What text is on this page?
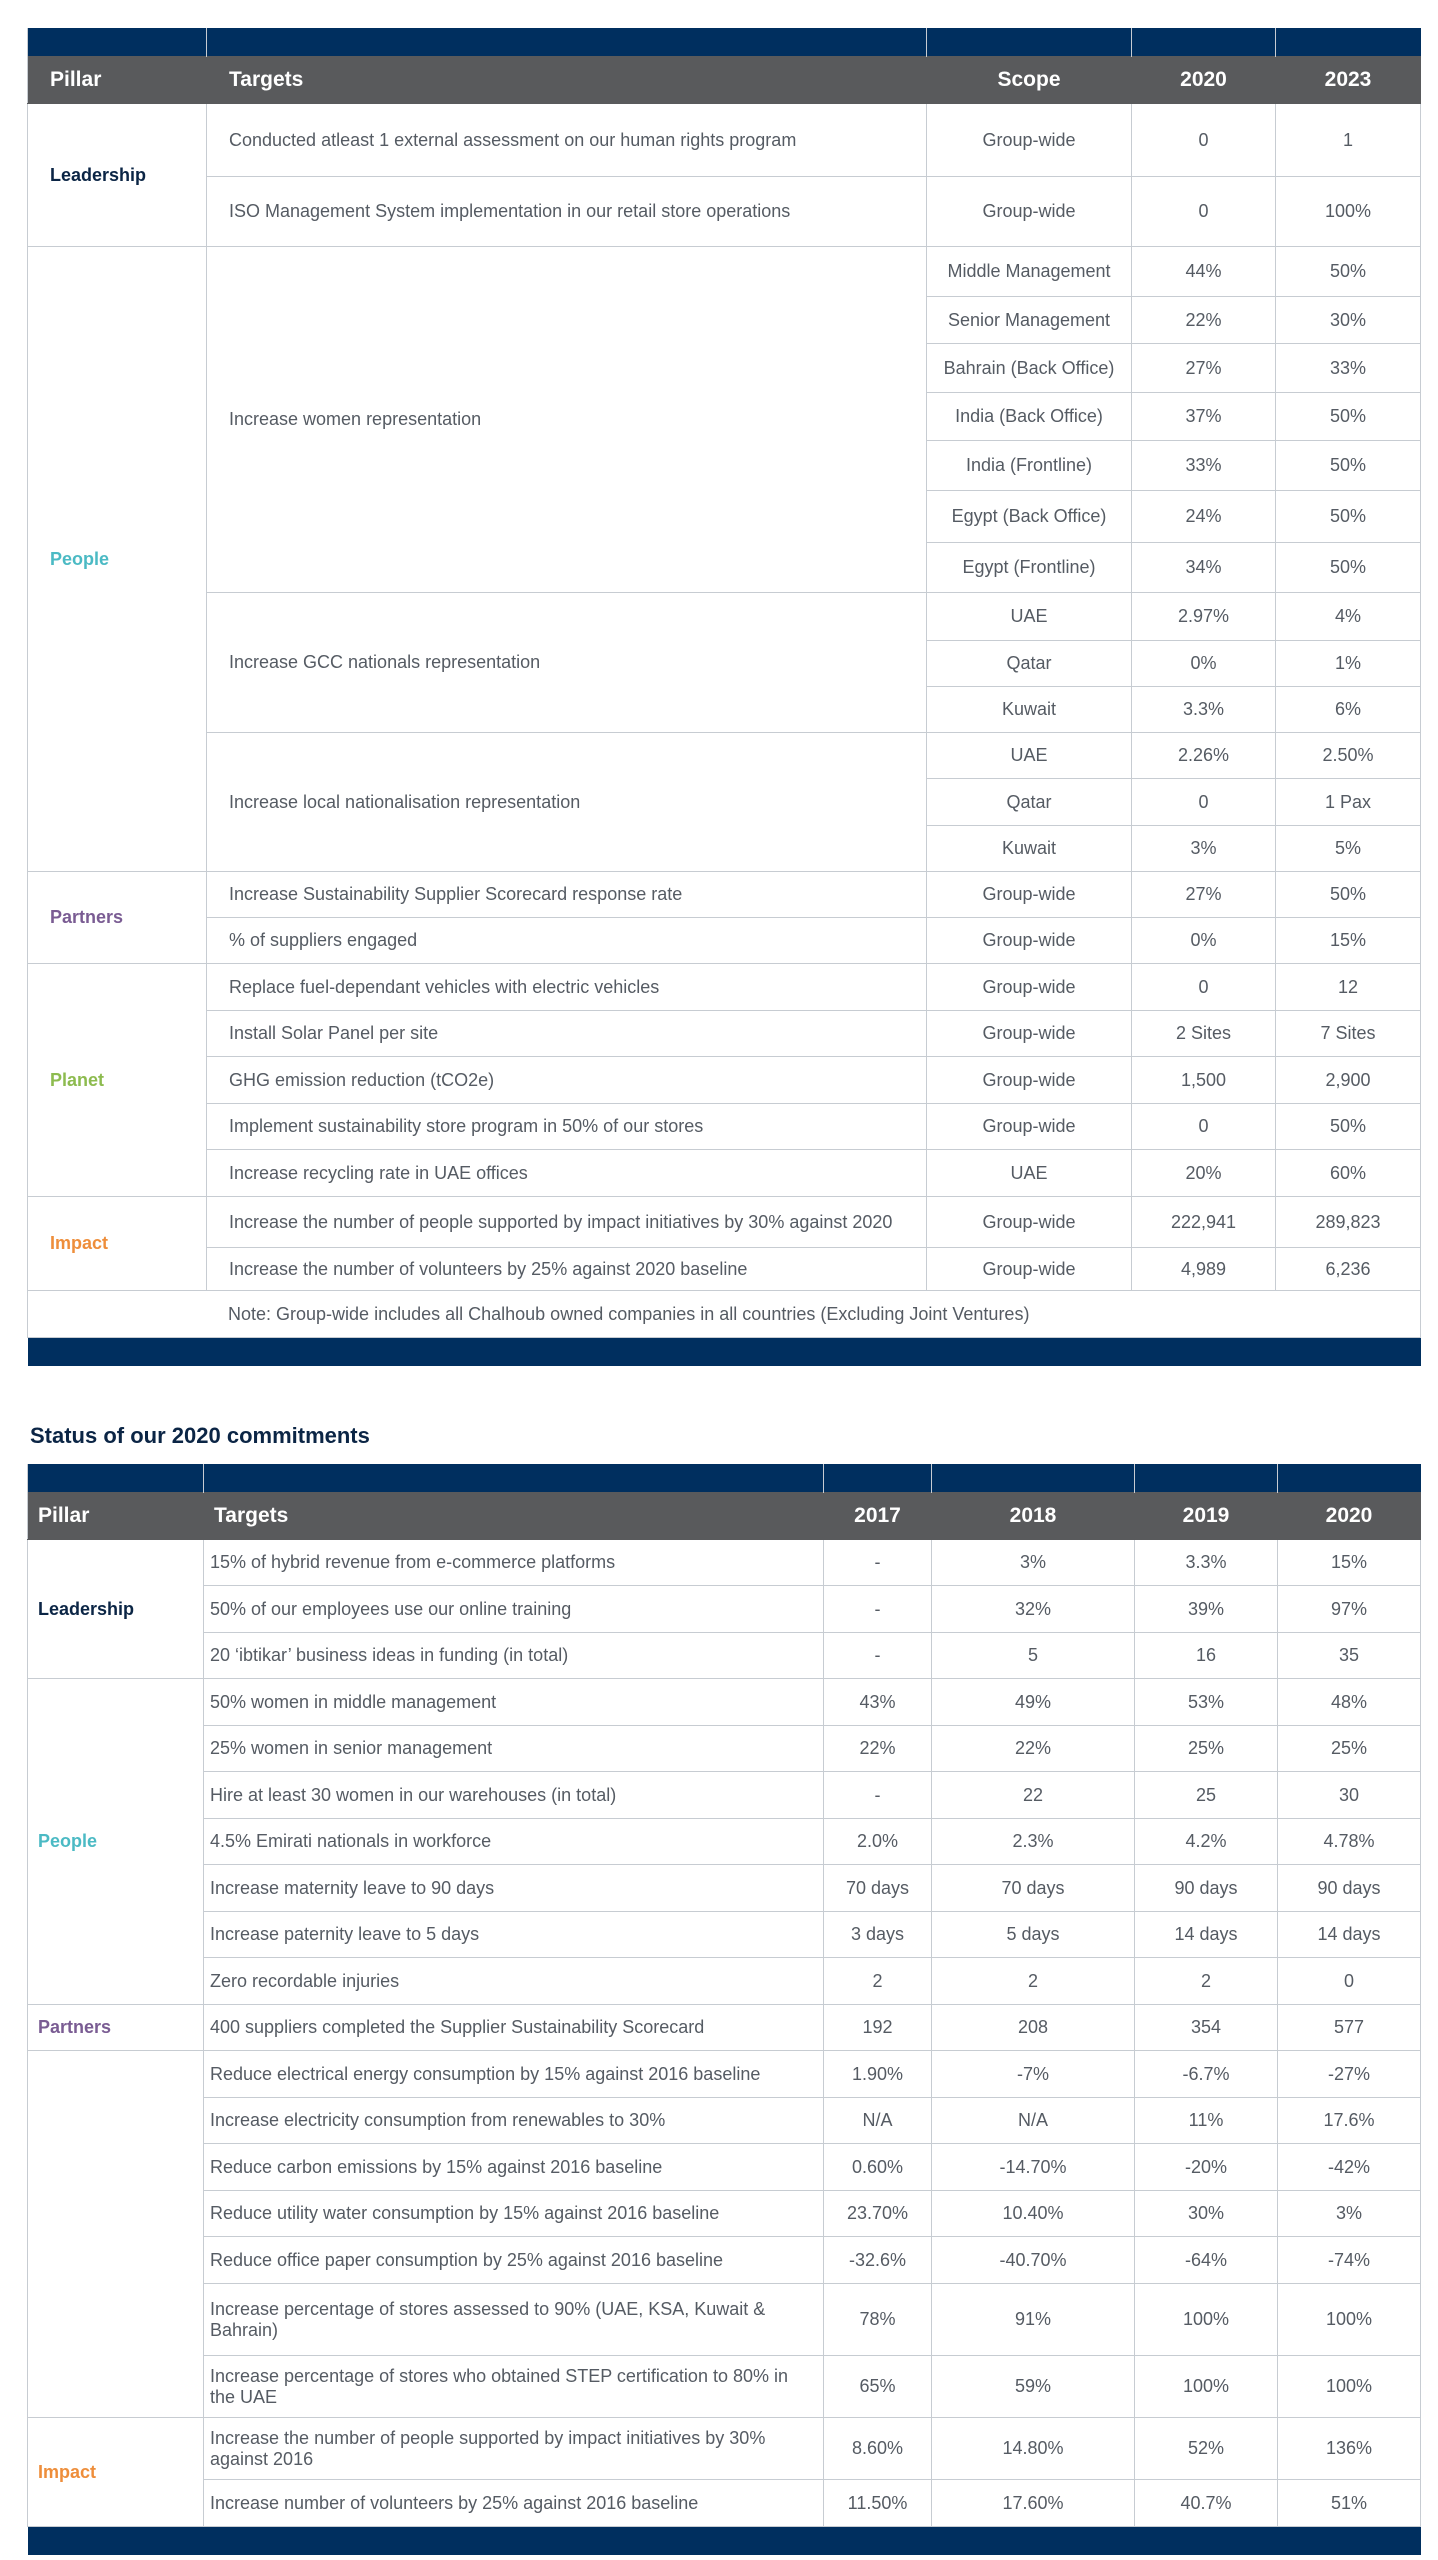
Pillar	Targets	Scope	2020	2023
Leadership	Conducted atleast 1 external assessment on our human rights program	Group-wide	0	1
	ISO Management System implementation in our retail store operations	Group-wide	0	100%
People	Increase women representation	Middle Management	44%	50%
		Senior Management	22%	30%
		Bahrain (Back Office)	27%	33%
		India (Back Office)	37%	50%
		India (Frontline)	33%	50%
		Egypt (Back Office)	24%	50%
		Egypt (Frontline)	34%	50%
	Increase GCC nationals representation	UAE	2.97%	4%
		Qatar	0%	1%
		Kuwait	3.3%	6%
	Increase local nationalisation representation	UAE	2.26%	2.50%
		Qatar	0	1 Pax
		Kuwait	3%	5%
Partners	Increase Sustainability Supplier Scorecard response rate	Group-wide	27%	50%
	% of suppliers engaged	Group-wide	0%	15%
Planet	Replace fuel-dependant vehicles with electric vehicles	Group-wide	0	12
	Install Solar Panel per site	Group-wide	2 Sites	7 Sites
	GHG emission reduction (tCO2e)	Group-wide	1,500	2,900
	Implement sustainability store program in 50% of our stores	Group-wide	0	50%
	Increase recycling rate in UAE offices	UAE	20%	60%
Impact	Increase the number of people supported by impact initiatives by 30% against 2020	Group-wide	222,941	289,823
	Increase the number of volunteers by 25% against 2020 baseline	Group-wide	4,989	6,236
Note: Group-wide includes all Chalhoub owned companies in all countries (Excluding Joint Ventures)				

Status of our 2020 commitments

Pillar	Targets	2017	2018	2019	2020
Leadership	15% of hybrid revenue from e-commerce platforms	-	3%	3.3%	15%
	50% of our employees use our online training	-	32%	39%	97%
	20 ‘ibtikar’ business ideas in funding (in total)	-	5	16	35
People	50% women in middle management	43%	49%	53%	48%
	25% women in senior management	22%	22%	25%	25%
	Hire at least 30 women in our warehouses (in total)	-	22	25	30
	4.5% Emirati nationals in workforce	2.0%	2.3%	4.2%	4.78%
	Increase maternity leave to 90 days	70 days	70 days	90 days	90 days
	Increase paternity leave to 5 days	3 days	5 days	14 days	14 days
	Zero recordable injuries	2	2	2	0
Partners	400 suppliers completed the Supplier Sustainability Scorecard	192	208	354	577
	Reduce electrical energy consumption by 15% against 2016 baseline	1.90%	-7%	-6.7%	-27%
	Increase electricity consumption from renewables to 30%	N/A	N/A	11%	17.6%
	Reduce carbon emissions by 15% against 2016 baseline	0.60%	-14.70%	-20%	-42%
	Reduce utility water consumption by 15% against 2016 baseline	23.70%	10.40%	30%	3%
	Reduce office paper consumption by 25% against 2016 baseline	-32.6%	-40.70%	-64%	-74%
	Increase percentage of stores assessed to 90% (UAE, KSA, Kuwait & Bahrain)	78%	91%	100%	100%
	Increase percentage of stores who obtained STEP certification to 80% in the UAE	65%	59%	100%	100%
Impact	Increase the number of people supported by impact initiatives by 30% against 2016	8.60%	14.80%	52%	136%
	Increase number of volunteers by 25% against 2016 baseline	11.50%	17.60%	40.7%	51%
